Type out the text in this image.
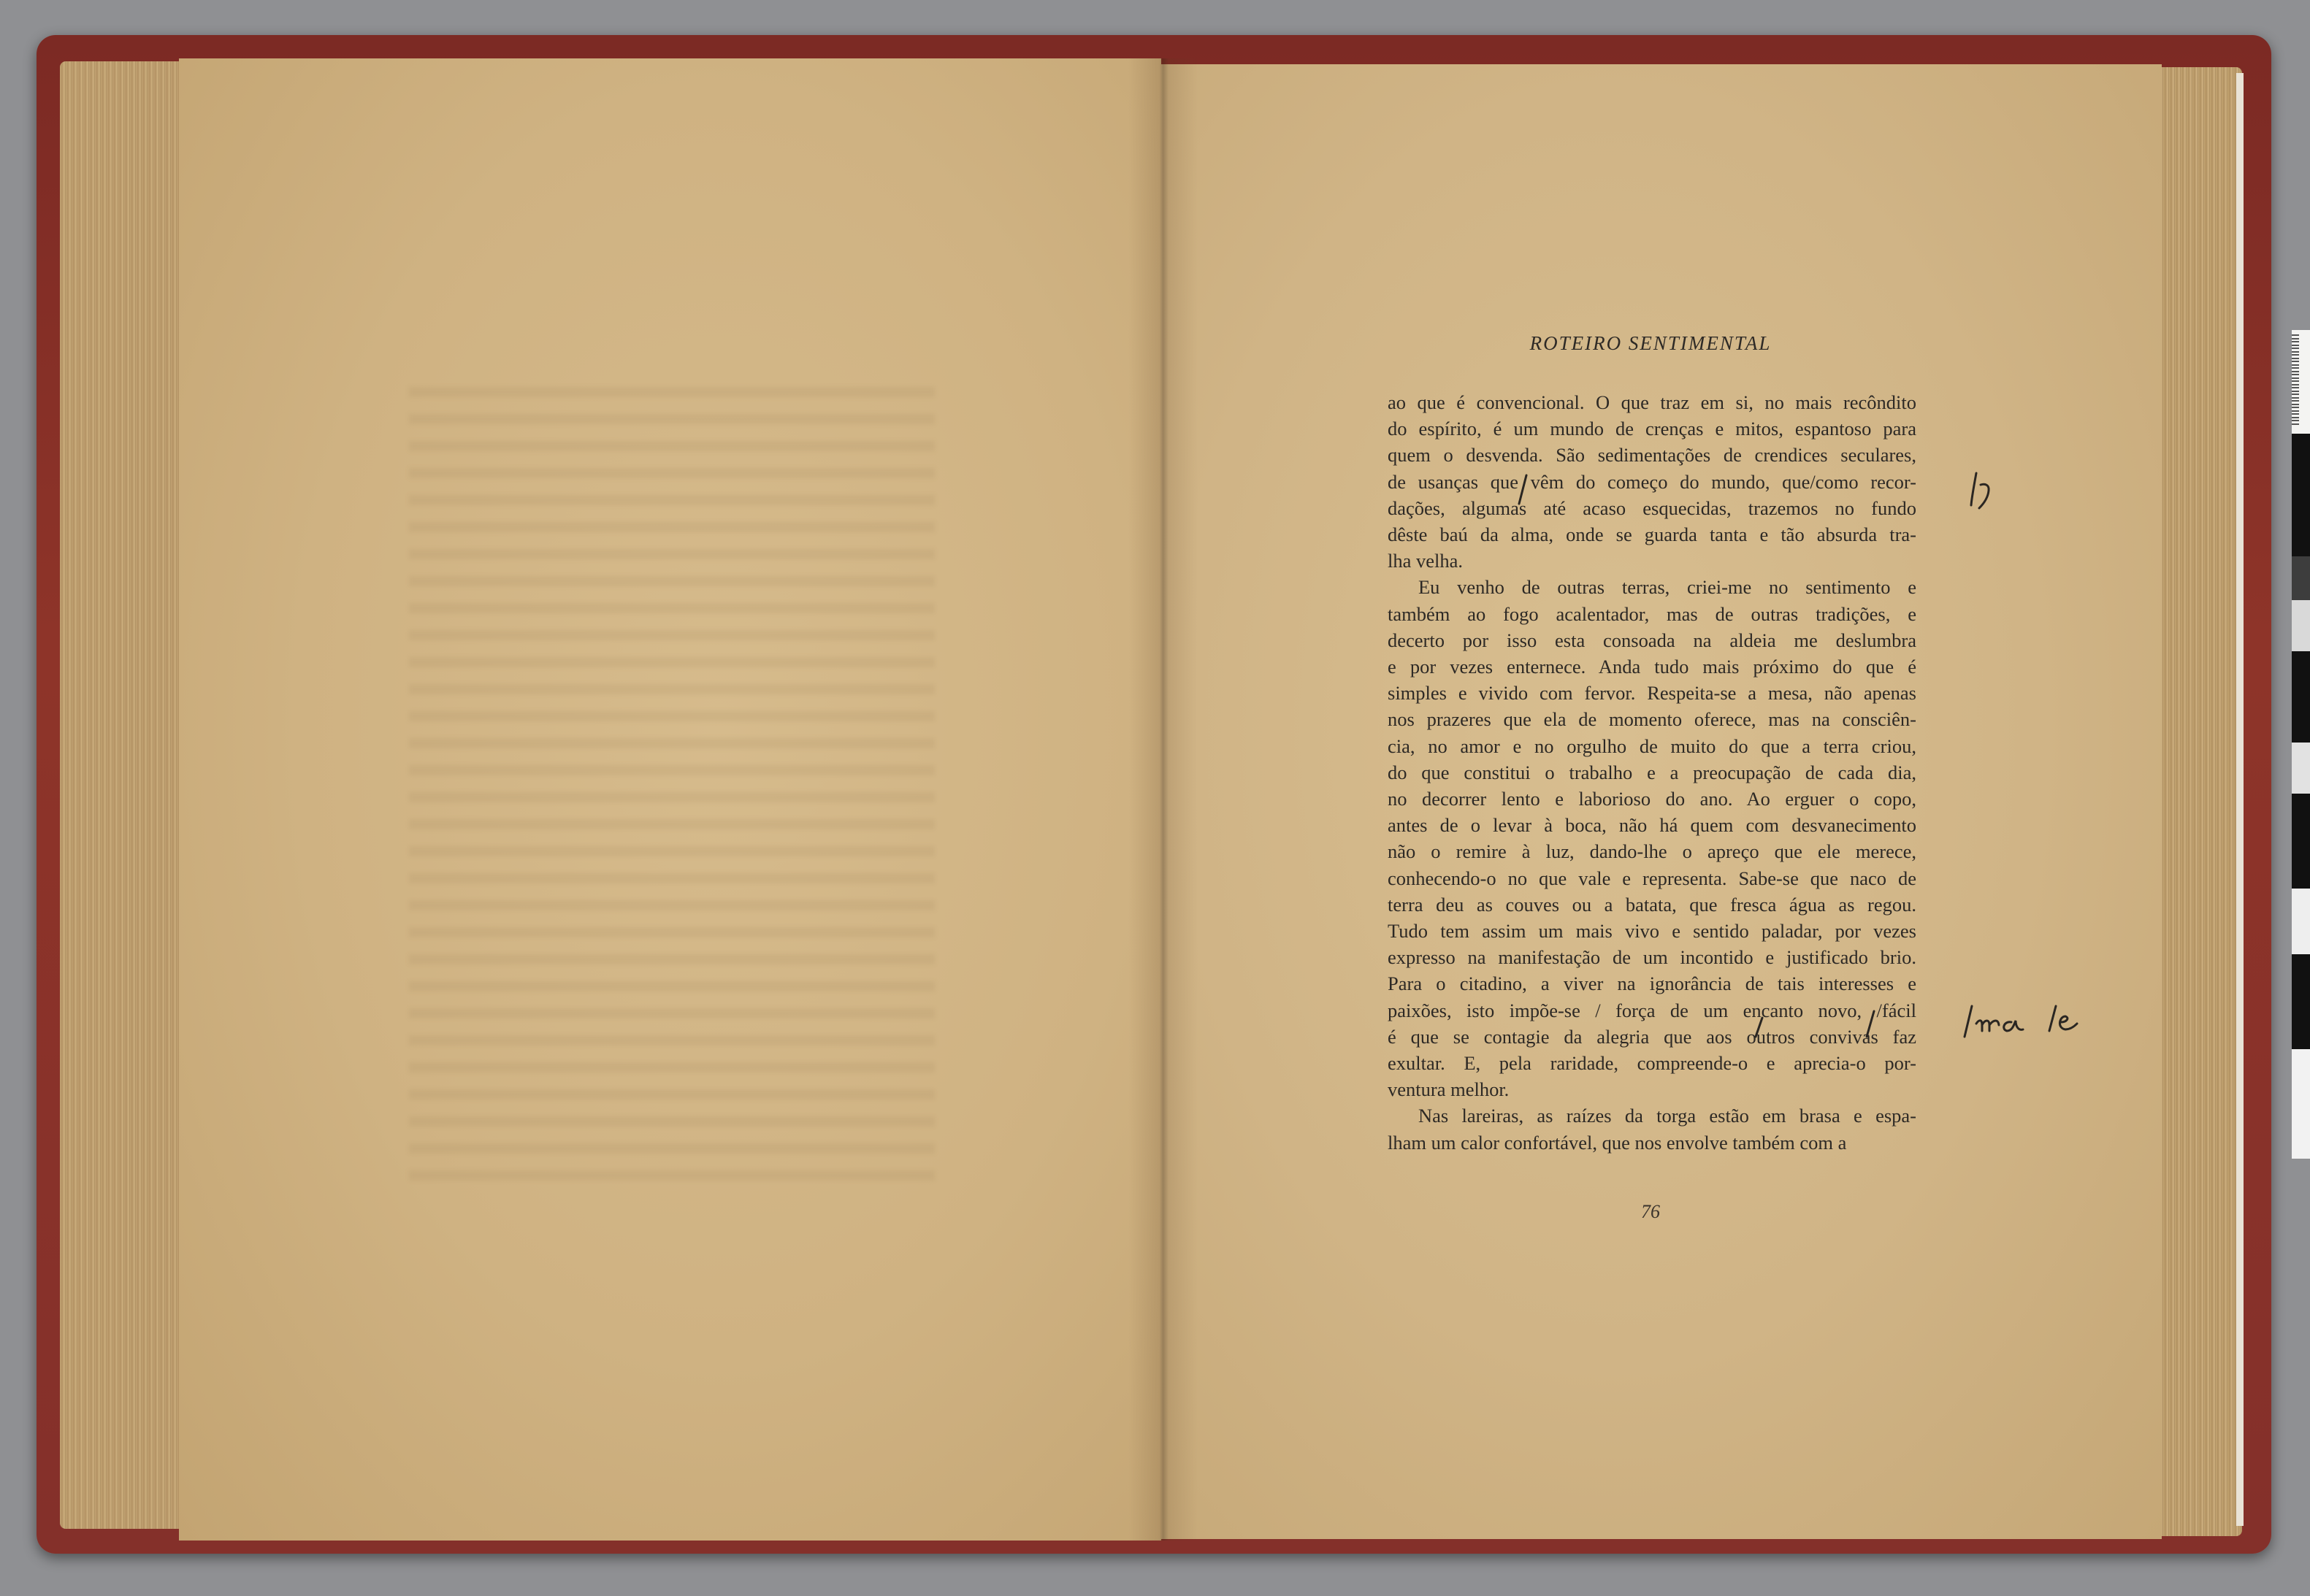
ROTEIRO SENTIMENTAL

ao que é convencional. O que traz em si, no mais recôndito

do espírito, é um mundo de crenças e mitos, espantoso para

quem o desvenda. São sedimentações de crendices seculares,

de usanças que vêm do começo do mundo, que/como recor-

dações, algumas até acaso esquecidas, trazemos no fundo

dêste baú da alma, onde se guarda tanta e tão absurda tra-

lha velha.

Eu venho de outras terras, criei-me no sentimento e

também ao fogo acalentador, mas de outras tradições, e

decerto por isso esta consoada na aldeia me deslumbra

e por vezes enternece. Anda tudo mais próximo do que é

simples e vivido com fervor. Respeita-se a mesa, não apenas

nos prazeres que ela de momento oferece, mas na consciên-

cia, no amor e no orgulho de muito do que a terra criou,

do que constitui o trabalho e a preocupação de cada dia,

no decorrer lento e laborioso do ano. Ao erguer o copo,

antes de o levar à boca, não há quem com desvanecimento

não o remire à luz, dando-lhe o apreço que ele merece,

conhecendo-o no que vale e representa. Sabe-se que naco de

terra deu as couves ou a batata, que fresca água as regou.

Tudo tem assim um mais vivo e sentido paladar, por vezes

expresso na manifestação de um incontido e justificado brio.

Para o citadino, a viver na ignorância de tais interesses e

paixões, isto impõe-se / força de um encanto novo, /fácil

é que se contagie da alegria que aos outros convivas faz

exultar. E, pela raridade, compreende-o e aprecia-o por-

ventura melhor.

Nas lareiras, as raízes da torga estão em brasa e espa-

lham um calor confortável, que nos envolve também com a

76
